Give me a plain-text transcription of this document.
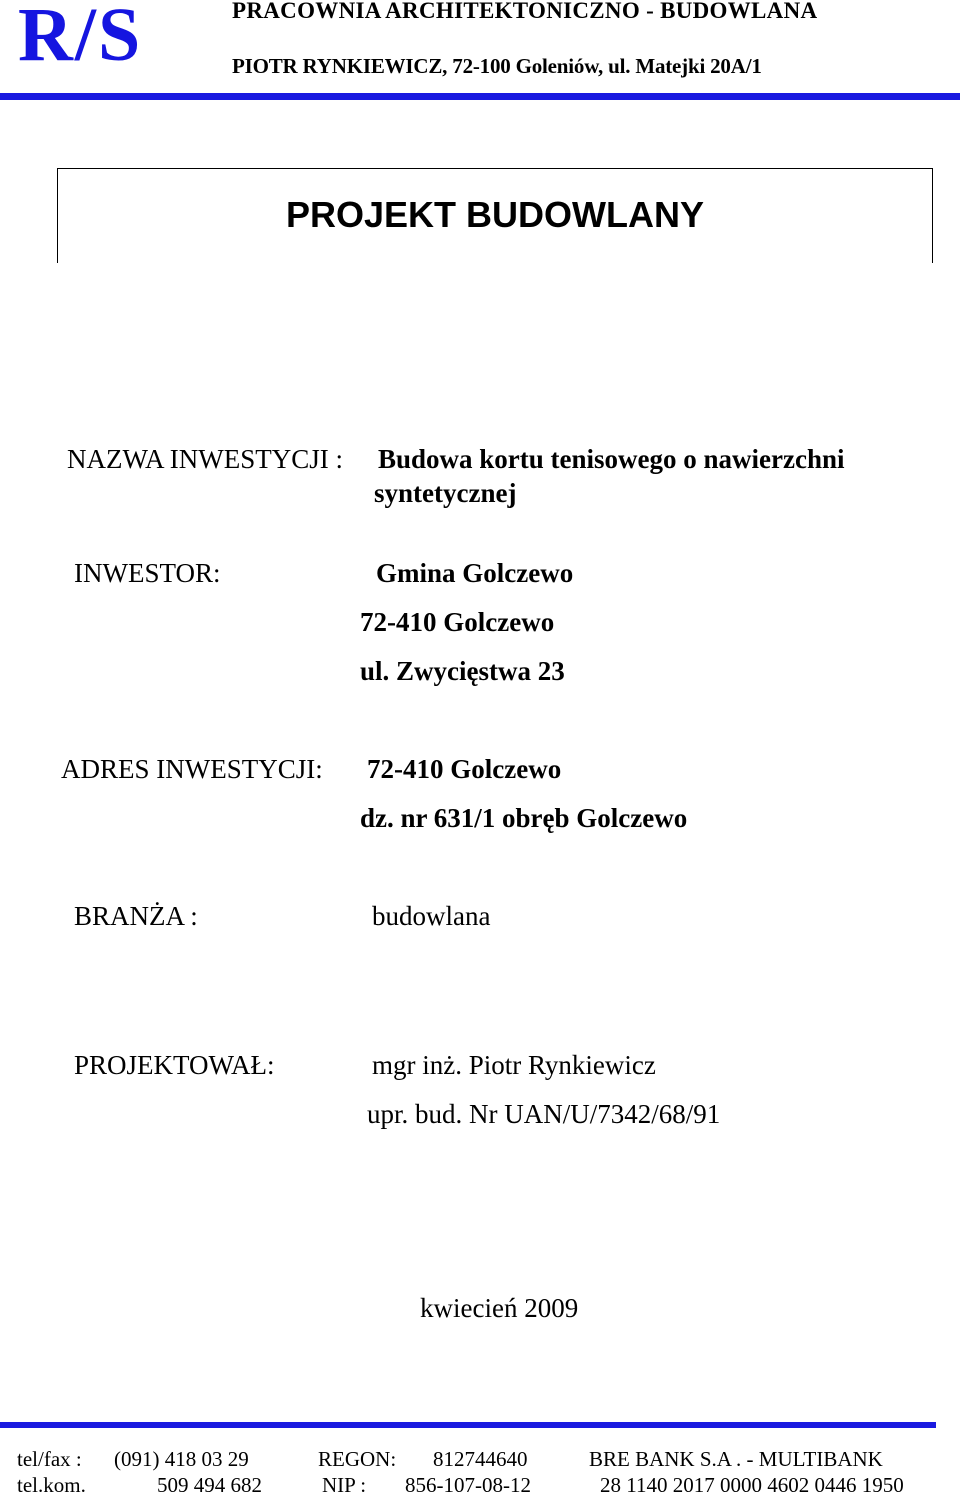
R/S	PRACOWNIA ARCHITEKTONICZNO - BUDOWLANA
PIOTR RYNKIEWICZ, 72-100 Goleniów, ul. Matejki 20A/1
PROJEKT BUDOWLANY
NAZWA INWESTYCJI : Budowa kortu tenisowego o nawierzchni
syntetycznej
INWESTOR:	Gmina Golczewo
72-410 Golczewo
ul. Zwycięstwa 23
ADRES INWESTYCJI: 72-410 Golczewo
dz. nr 631/1 obręb Golczewo
BRANŻA :	budowlana
PROJEKTOWAŁ:	mgr inż. Piotr Rynkiewicz
upr. bud. Nr UAN/U/7342/68/91
kwiecień 2009
tel/fax : (091) 418 03 29	REGON: 812744640	BRE BANK S.A . - MULTIBANK
tel.kom.	509 494 682	NIP : 856-107-08-12	28 1140 2017 0000 4602 0446 1950
